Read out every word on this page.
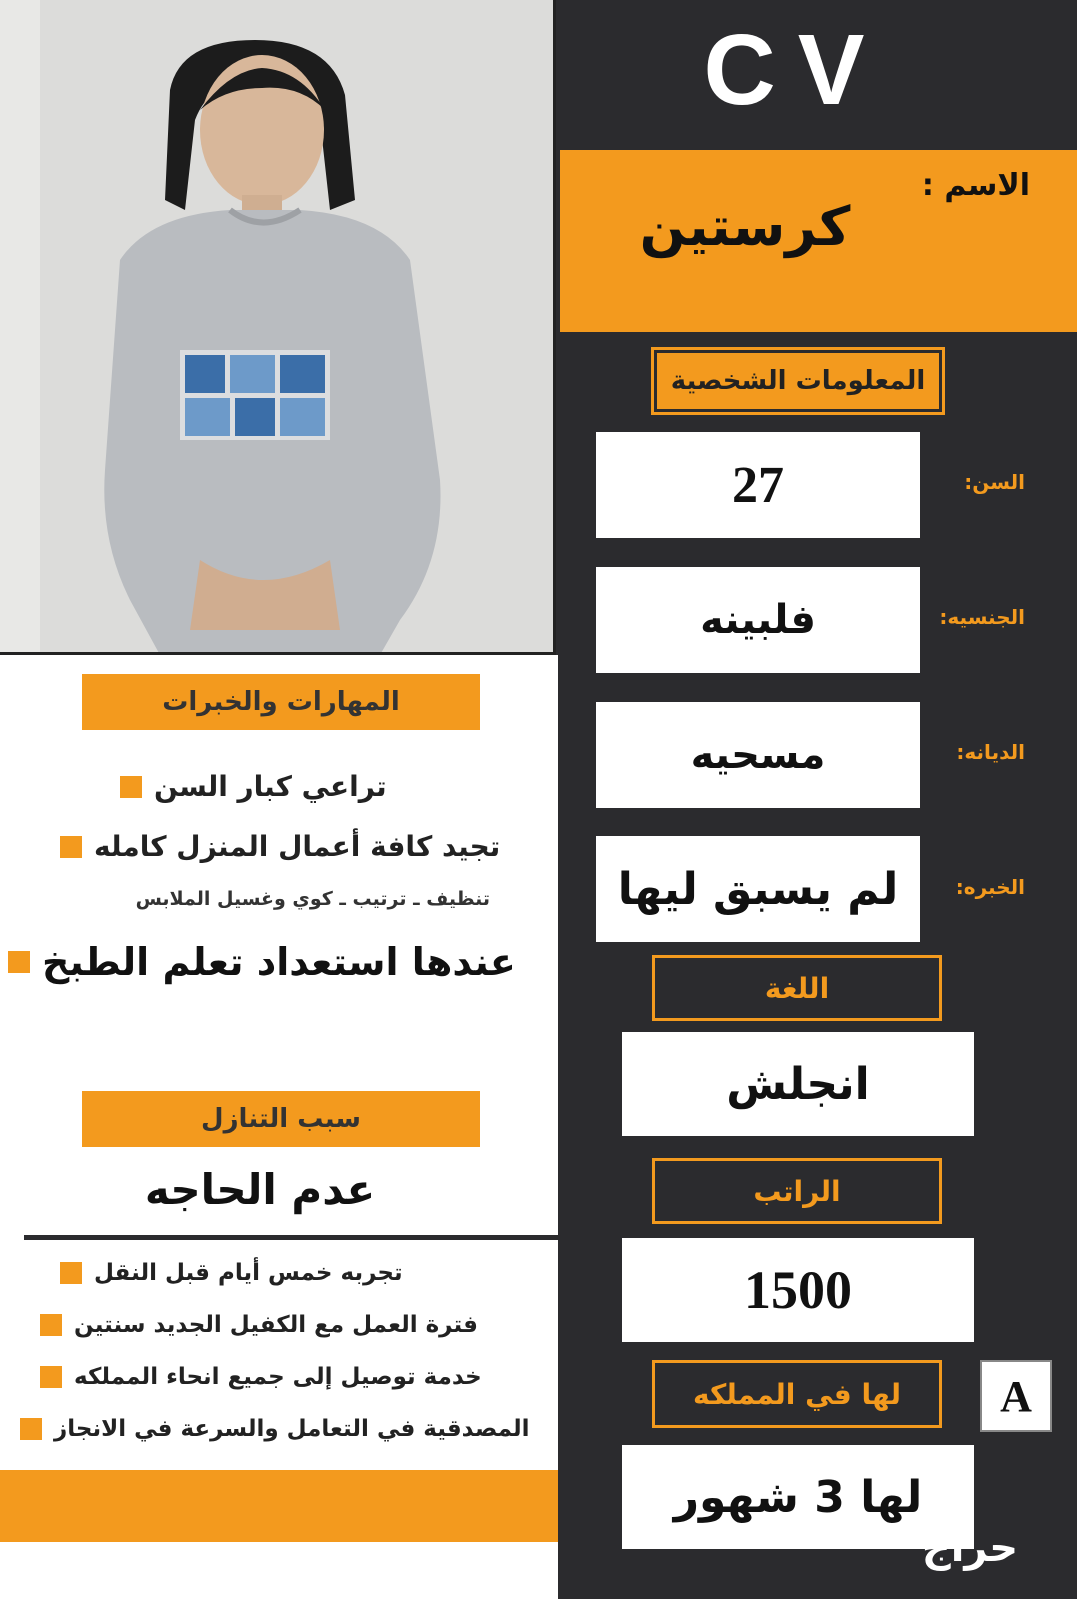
CV
الاسم :
كرستين
المعلومات الشخصية
27	السن:
فلبينه	الجنسيه:
مسحيه	الديانه:
لم يسبق ليها	الخبره:
اللغة
انجلش
الراتب
1500
لها في المملكه
لها 3 شهور
A
المهارات والخبرات
تراعي كبار السن
تجيد كافة أعمال المنزل كامله
تنظيف ـ ترتيب ـ كوي وغسيل الملابس
عندها استعداد تعلم الطبخ
سبب التنازل
عدم الحاجه
تجربه خمس أيام قبل النقل
فترة العمل مع الكفيل الجديد سنتين
خدمة توصيل إلى جميع انحاء المملكه
المصدقية في التعامل والسرعة في الانجاز
حراج
